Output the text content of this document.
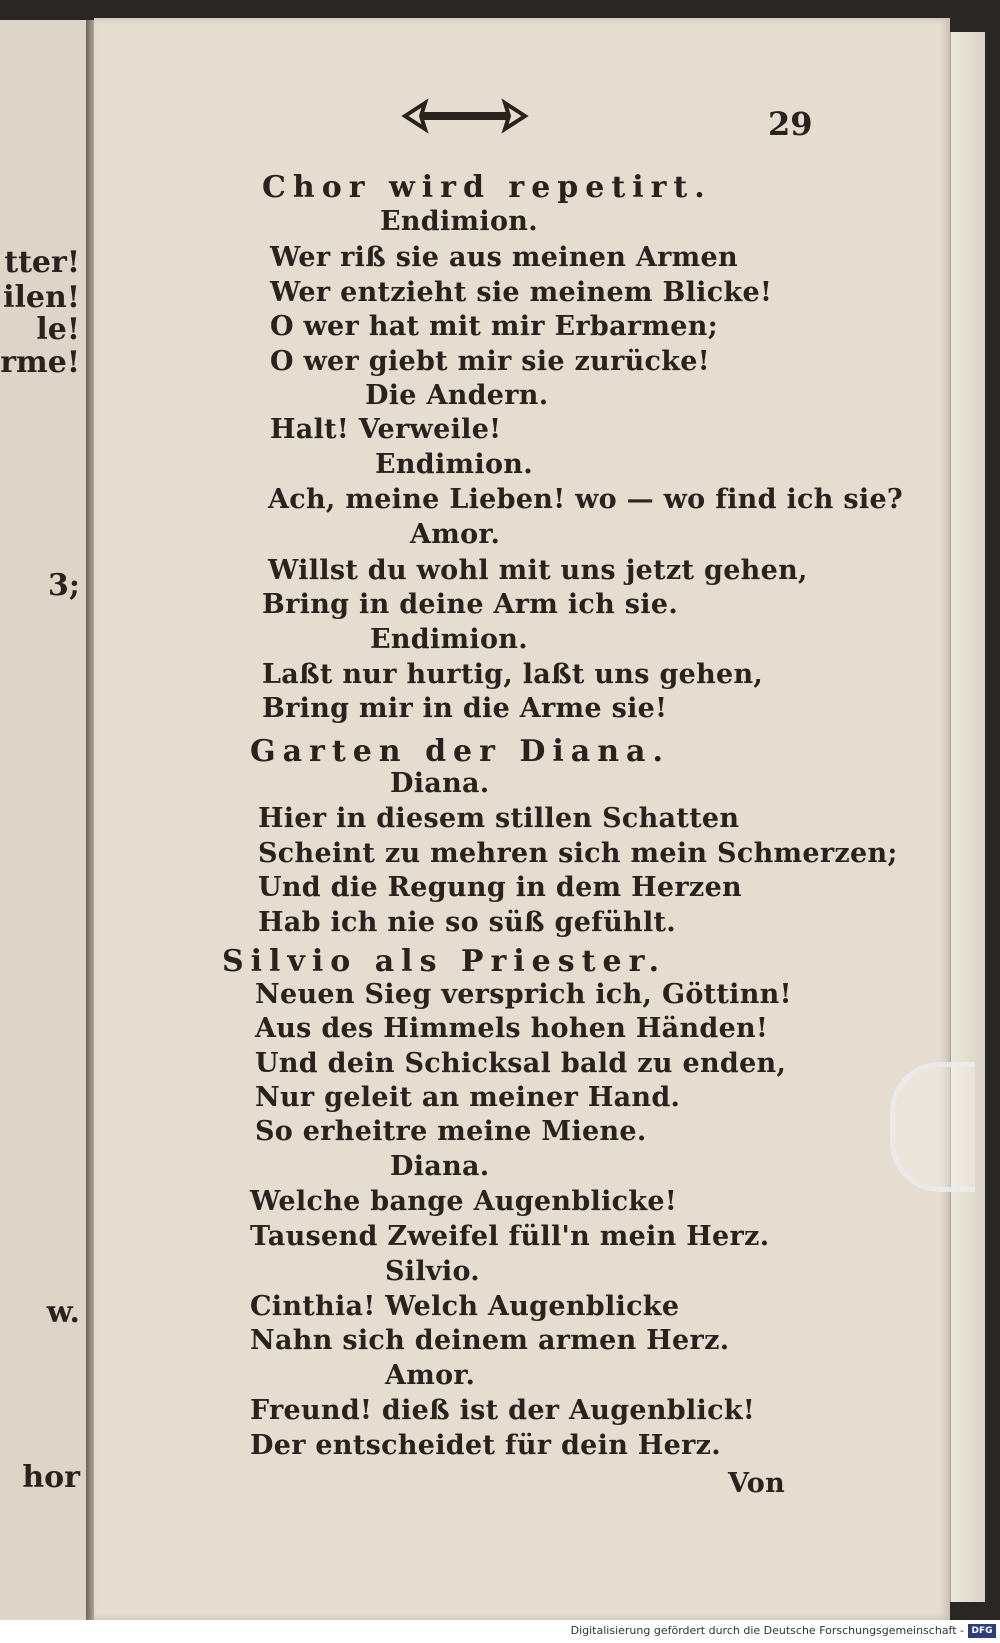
tter!
ilen!
le!
rme!
3;
w.
hor
29
Chor wird repetirt.
Endimion.
Wer riß sie aus meinen Armen
Wer entzieht sie meinem Blicke!
O wer hat mit mir Erbarmen;
O wer giebt mir sie zurücke!
Die Andern.
Halt! Verweile!
Endimion.
Ach, meine Lieben! wo — wo find ich sie?
Amor.
Willst du wohl mit uns jetzt gehen,
Bring in deine Arm ich sie.
Endimion.
Laßt nur hurtig, laßt uns gehen,
Bring mir in die Arme sie!
Garten der Diana.
Diana.
Hier in diesem stillen Schatten
Scheint zu mehren sich mein Schmerzen;
Und die Regung in dem Herzen
Hab ich nie so süß gefühlt.
Silvio als Priester.
Neuen Sieg versprich ich, Göttinn!
Aus des Himmels hohen Händen!
Und dein Schicksal bald zu enden,
Nur geleit an meiner Hand.
So erheitre meine Miene.
Diana.
Welche bange Augenblicke!
Tausend Zweifel füll'n mein Herz.
Silvio.
Cinthia! Welch Augenblicke
Nahn sich deinem armen Herz.
Amor.
Freund! dieß ist der Augenblick!
Der entscheidet für dein Herz.
Von
Digitalisierung gefördert durch die Deutsche Forschungsgemeinschaft - DFG
